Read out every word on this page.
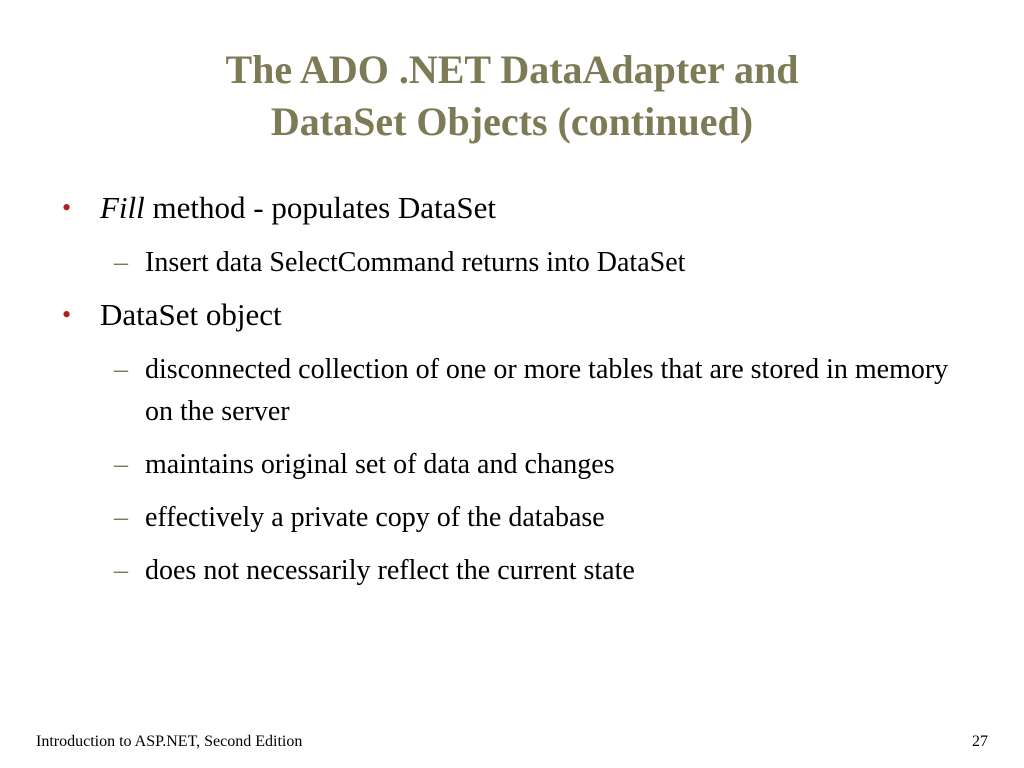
The ADO .NET DataAdapter and
DataSet Objects (continued)
• Fill method - populates DataSet
– Insert data SelectCommand returns into DataSet
• DataSet object
– disconnected collection of one or more tables that are stored in memory on the server
– maintains original set of data and changes
– effectively a private copy of the database
– does not necessarily reflect the current state
Introduction to ASP.NET, Second Edition	27
